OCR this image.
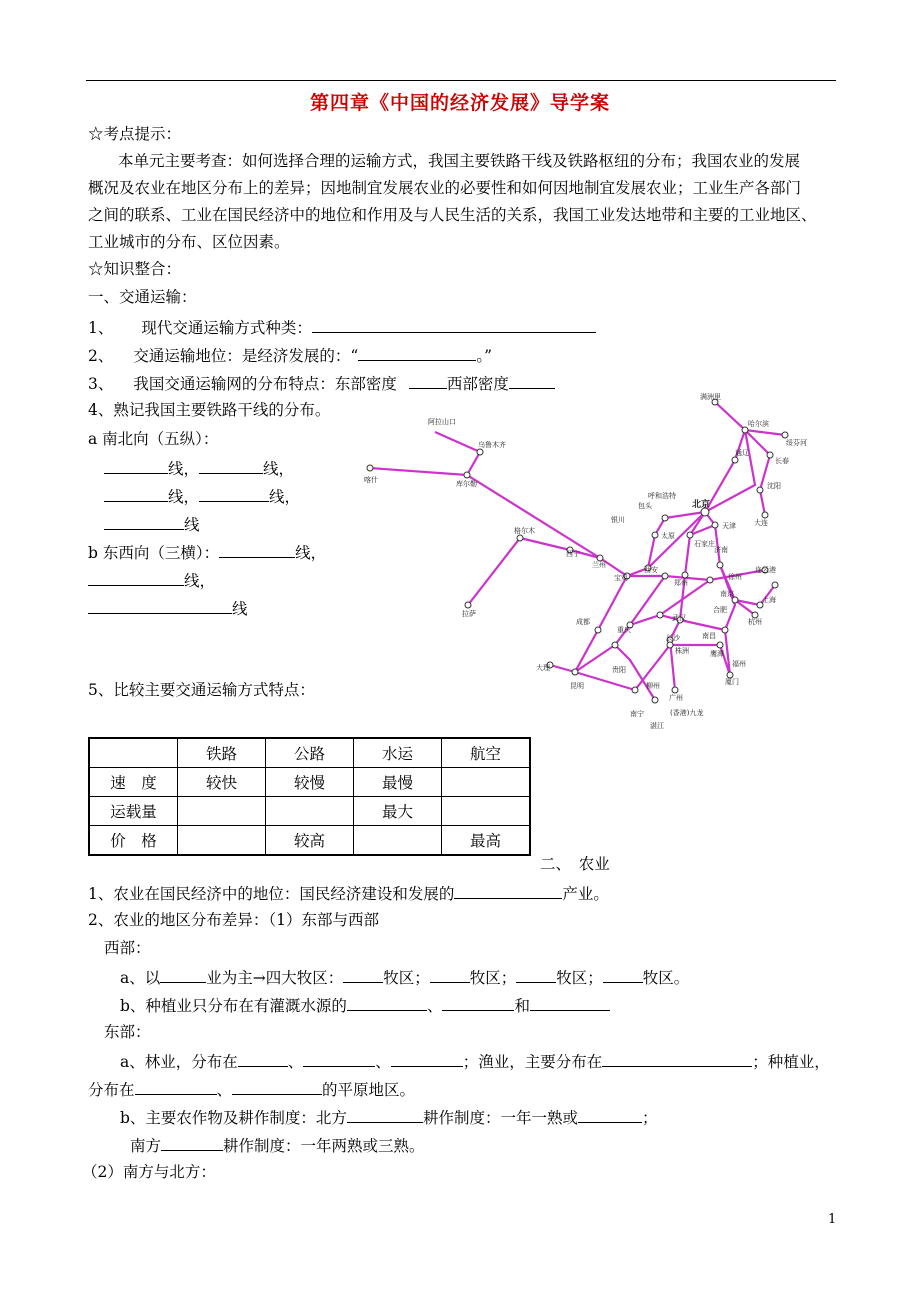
第四章《中国的经济发展》导学案
☆考点提示：
本单元主要考查：如何选择合理的运输方式，我国主要铁路干线及铁路枢纽的分布；我国农业的发展
概况及农业在地区分布上的差异；因地制宜发展农业的必要性和如何因地制宜发展农业；工业生产各部门
之间的联系、工业在国民经济中的地位和作用及与人民生活的关系，我国工业发达地带和主要的工业地区、
工业城市的分布、区位因素。
☆知识整合：
一、交通运输：
1、 现代交通运输方式种类：
2、 交通运输地位：是经济发展的：“	。”
3、 我国交通运输网的分布特点：东部密度	西部密度
4、熟记我国主要铁路干线的分布。
a 南北向（五纵）：
线，	线，
线，	线，
线
b 东西向（三横）：	线，
线，
线
5、比较主要交通运输方式特点：
阿拉山口
乌鲁木齐
喀什	库尔勒
哈尔滨
满洲里
绥芬河
长春
通辽
沈阳
大连
呼和浩特
包头	北京
天津
银川
太原
石家庄
济南
格尔木
西宁
兰州
宝鸡
西安
郑州
徐州
连云港
南京
合肥
上海
杭州
拉萨
成都
重庆
武汉
长沙
株洲
南昌
福州
厦门
贵阳
昆明
大理
柳州
南宁
湛江
广州
(香港)九龙
鹰潭
	铁路	公路	水运	航空
速　度	较快	较慢	最慢	
运载量			最大	
价　格		较高		最高
二、　农业
1、农业在国民经济中的地位：国民经济建设和发展的	产业。
2、农业的地区分布差异：（1）东部与西部
西部：
a、以	业为主→四大牧区：	牧区；	牧区；	牧区；	牧区。
b、种植业只分布在有灌溉水源的	、	和
东部：
a、林业，分布在	、	、	；渔业，主要分布在	；种植业，
分布在	、	的平原地区。
b、主要农作物及耕作制度：北方	耕作制度：一年一熟或	；
南方	耕作制度：一年两熟或三熟。
（2）南方与北方：
1
